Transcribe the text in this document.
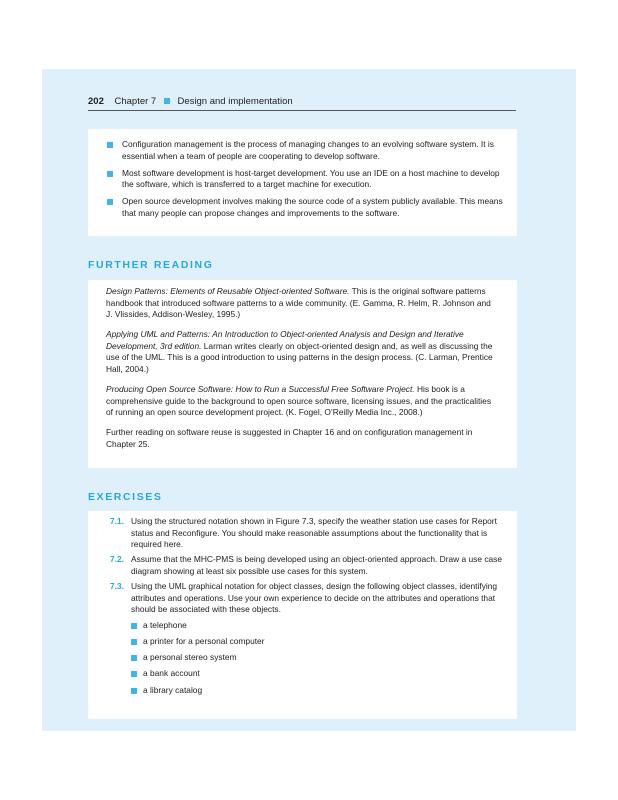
202 Chapter 7 Design and implementation
Configuration management is the process of managing changes to an evolving software system. It is essential when a team of people are cooperating to develop software.
Most software development is host-target development. You use an IDE on a host machine to develop the software, which is transferred to a target machine for execution.
Open source development involves making the source code of a system publicly available. This means that many people can propose changes and improvements to the software.
FURTHER READING

Design Patterns: Elements of Reusable Object-oriented Software. This is the original software patterns handbook that introduced software patterns to a wide community. (E. Gamma, R. Helm, R. Johnson and J. Vlissides, Addison-Wesley, 1995.)

Applying UML and Patterns: An Introduction to Object-oriented Analysis and Design and Iterative Development, 3rd edition. Larman writes clearly on object-oriented design and, as well as discussing the use of the UML. This is a good introduction to using patterns in the design process. (C. Larman, Prentice Hall, 2004.)

Producing Open Source Software: How to Run a Successful Free Software Project. His book is a comprehensive guide to the background to open source software, licensing issues, and the practicalities of running an open source development project. (K. Fogel, O’Reilly Media Inc., 2008.)

Further reading on software reuse is suggested in Chapter 16 and on configuration management in Chapter 25.

EXERCISES
7.1. Using the structured notation shown in Figure 7.3, specify the weather station use cases for Report status and Reconfigure. You should make reasonable assumptions about the functionality that is required here.
7.2. Assume that the MHC-PMS is being developed using an object-oriented approach. Draw a use case diagram showing at least six possible use cases for this system.
7.3. Using the UML graphical notation for object classes, design the following object classes, identifying attributes and operations. Use your own experience to decide on the attributes and operations that should be associated with these objects.
a telephone
a printer for a personal computer
a personal stereo system
a bank account
a library catalog
